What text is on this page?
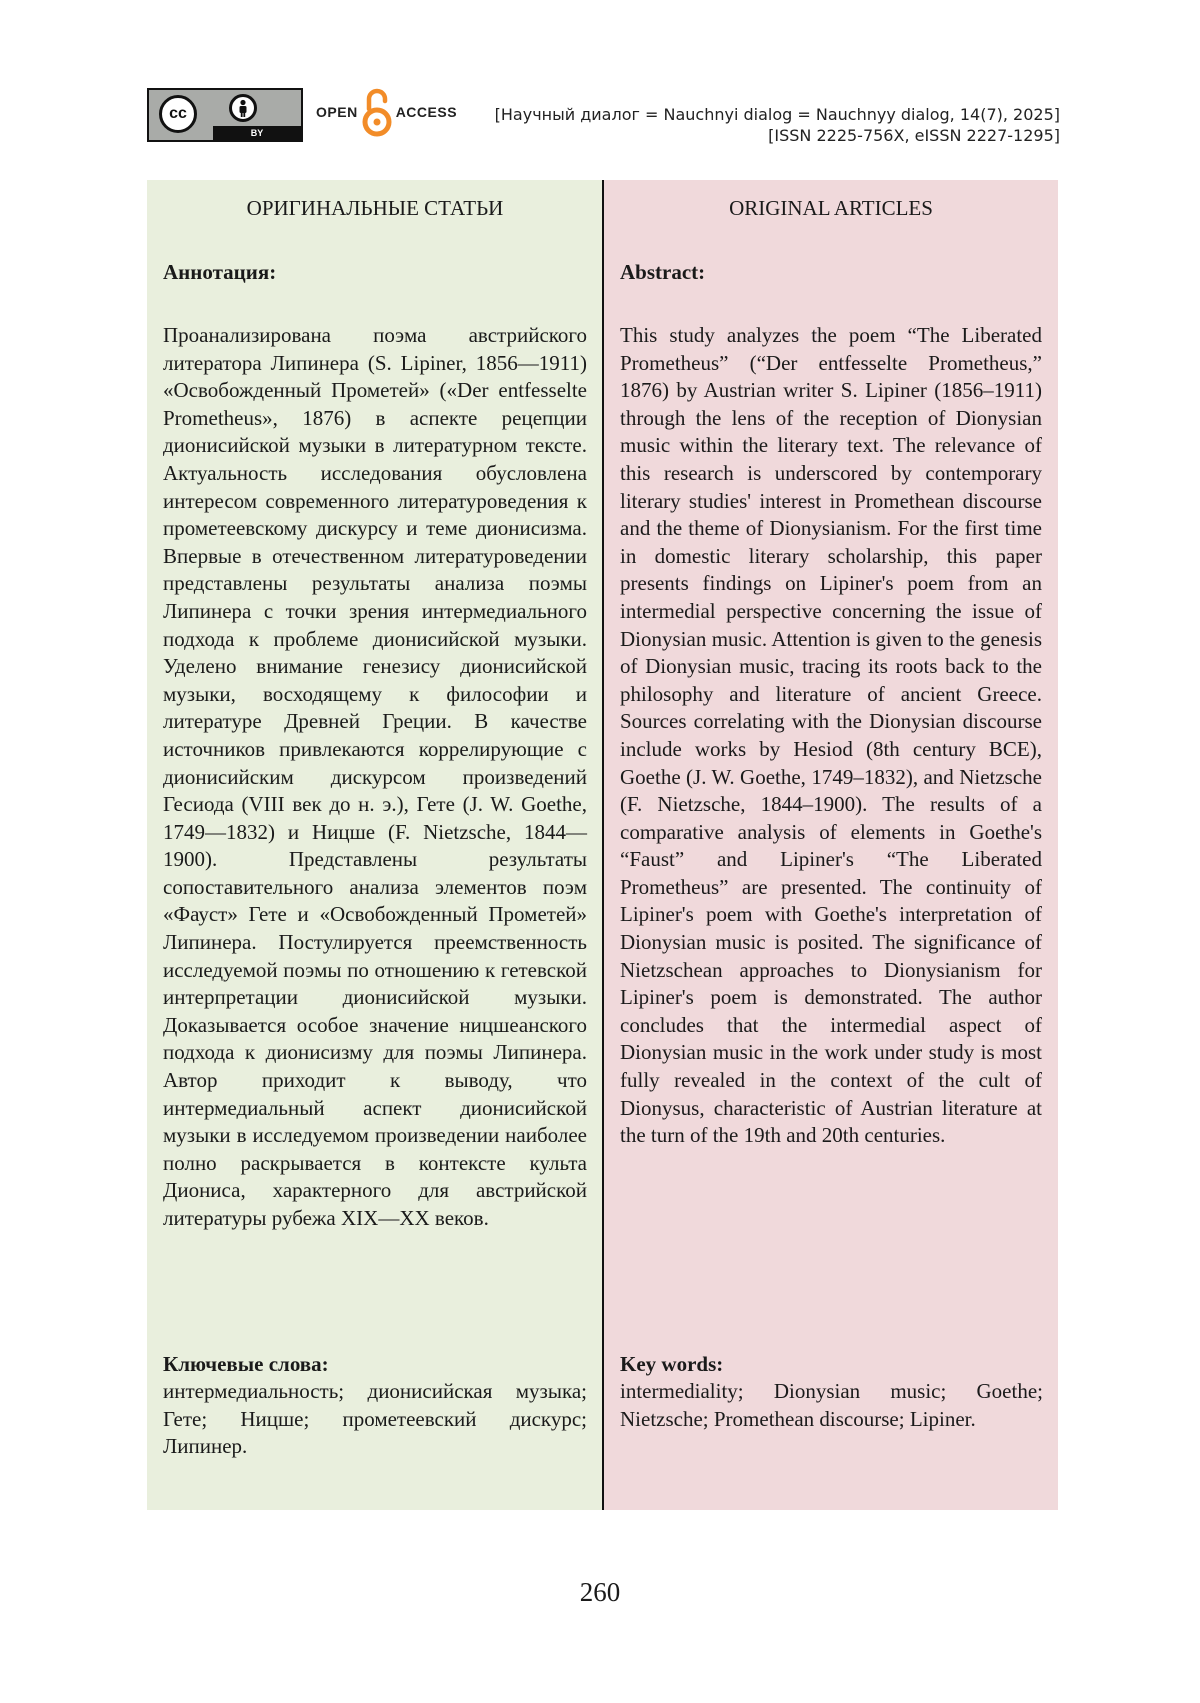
cc
BY
OPEN	ACCESS [Научный диалог = Nauchnyi dialog = Nauchnyy dialog, 14(7), 2025]
[ISSN 2225-756X, eISSN 2227-1295]
ОРИГИНАЛЬНЫЕ СТАТЬИ
Аннотация:
Проанализирована поэма австрийского литератора Липинера (S. Lipiner, 1856—1911) «Освобожденный Прометей» («Der entfesselte Prometheus», 1876) в аспекте рецепции дионисийской музыки в литературном тексте. Актуальность исследования обусловлена интересом современного литературоведения к прометеевскому дискурсу и теме дионисизма. Впервые в отечественном литературоведении представлены результаты анализа поэмы Липинера с точки зрения интермедиального подхода к проблеме дионисийской музыки. Уделено внимание генезису дионисийской музыки, восходящему к философии и литературе Древней Греции. В качестве источников привлекаются коррелирующие с дионисийским дискурсом произведений Гесиода (VIII век до н. э.), Гете (J. W. Goethe, 1749—1832) и Ницше (F. Nietzsche, 1844—1900). Представлены результаты сопоставительного анализа элементов поэм «Фауст» Гете и «Освобожденный Прометей» Липинера. Постулируется преемственность исследуемой поэмы по отношению к гетевской интерпретации дионисийской музыки. Доказывается особое значение ницшеанского подхода к дионисизму для поэмы Липинера. Автор приходит к выводу, что интермедиальный аспект дионисийской музыки в исследуемом произведении наиболее полно раскрывается в контексте культа Диониса, характерного для австрийской литературы рубежа XIX—XX веков.
Ключевые слова:
интермедиальность; дионисийская музыка; Гете; Ницше; прометеевский дискурс; Липинер.
ORIGINAL ARTICLES
Abstract:
This study analyzes the poem “The Liberated Prometheus” (“Der entfesselte Prometheus,” 1876) by Austrian writer S. Lipiner (1856–1911) through the lens of the reception of Dionysian music within the literary text. The relevance of this research is underscored by contemporary literary studies' interest in Promethean discourse and the theme of Dionysianism. For the first time in domestic literary scholarship, this paper presents findings on Lipiner's poem from an intermedial perspective concerning the issue of Dionysian music. Attention is given to the genesis of Dionysian music, tracing its roots back to the philosophy and literature of ancient Greece. Sources correlating with the Dionysian discourse include works by Hesiod (8th century BCE), Goethe (J. W. Goethe, 1749–1832), and Nietzsche (F. Nietzsche, 1844–1900). The results of a comparative analysis of elements in Goethe's “Faust” and Lipiner's “The Liberated Prometheus” are presented. The continuity of Lipiner's poem with Goethe's interpretation of Dionysian music is posited. The significance of Nietzschean approaches to Dionysianism for Lipiner's poem is demonstrated. The author concludes that the intermedial aspect of Dionysian music in the work under study is most fully revealed in the context of the cult of Dionysus, characteristic of Austrian literature at the turn of the 19th and 20th centuries.
Key words:
intermediality; Dionysian music; Goethe; Nietzsche; Promethean discourse; Lipiner.
260
